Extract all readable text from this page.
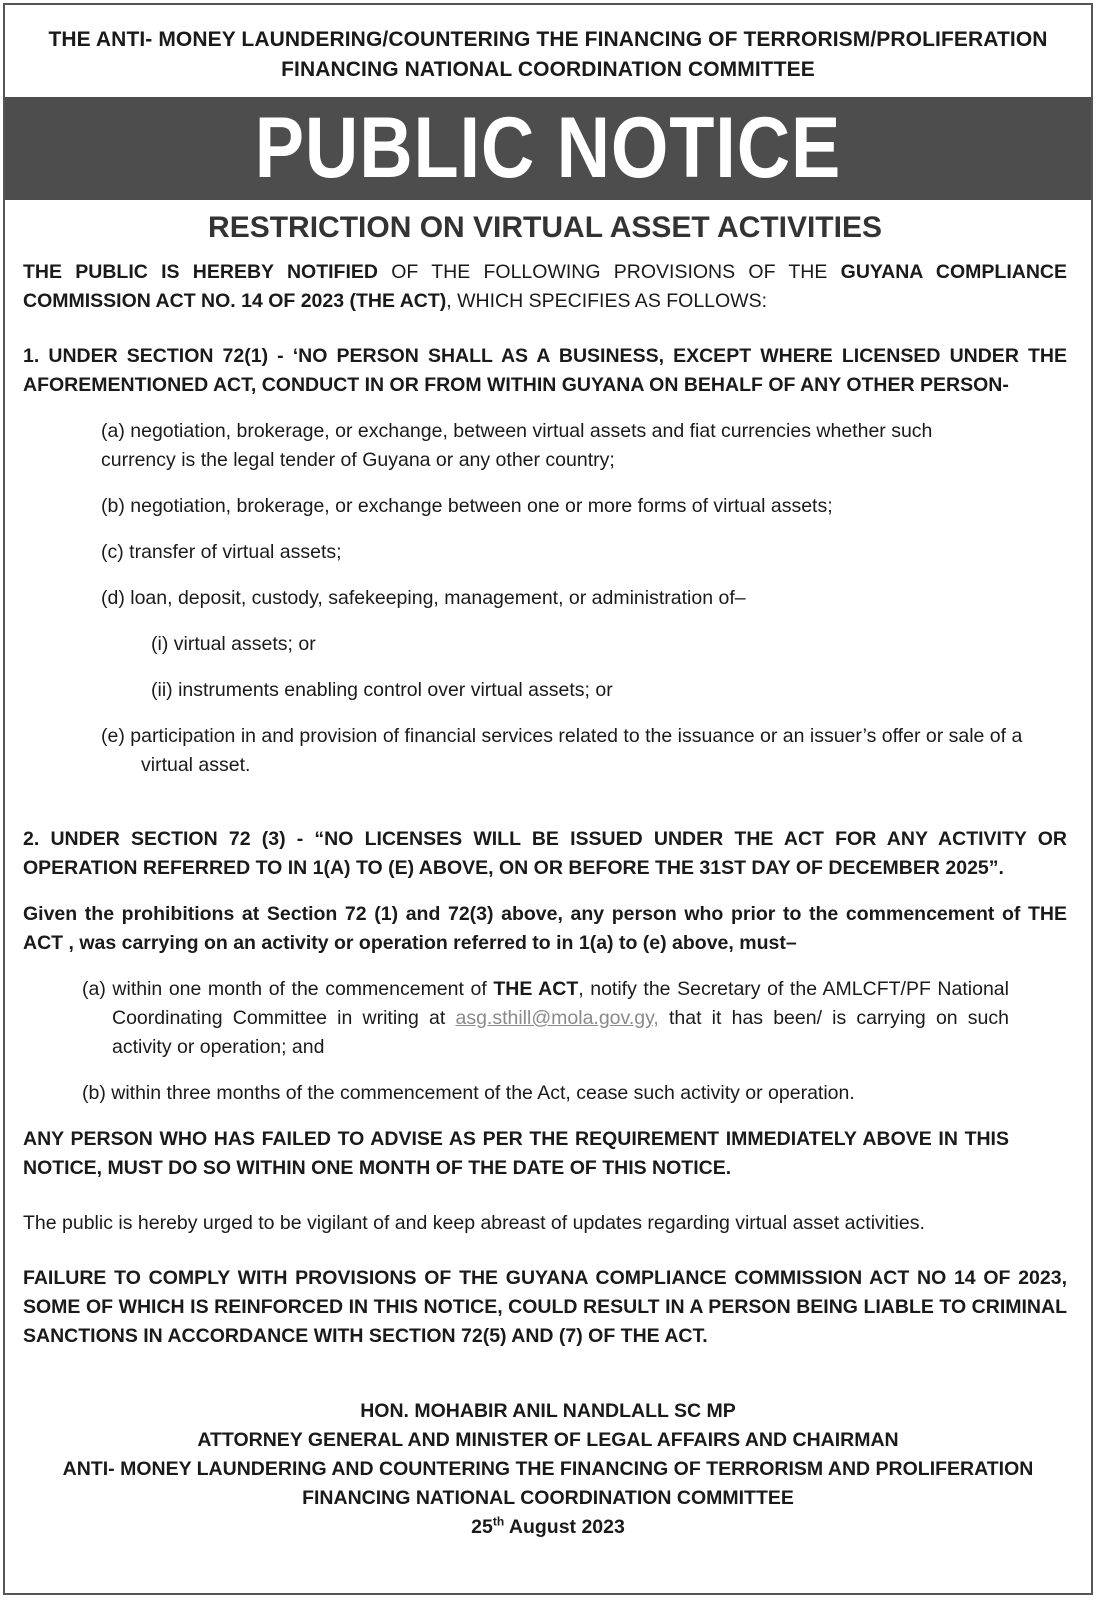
THE ANTI- MONEY LAUNDERING/COUNTERING THE FINANCING OF TERRORISM/PROLIFERATION
FINANCING NATIONAL COORDINATION COMMITTEE
PUBLIC NOTICE
RESTRICTION ON VIRTUAL ASSET ACTIVITIES

THE PUBLIC IS HEREBY NOTIFIED OF THE FOLLOWING PROVISIONS OF THE GUYANA COMPLIANCE COMMISSION ACT NO. 14 OF 2023 (THE ACT), WHICH SPECIFIES AS FOLLOWS:

1. UNDER SECTION 72(1) - ‘NO PERSON SHALL AS A BUSINESS, EXCEPT WHERE LICENSED UNDER THE AFOREMENTIONED ACT, CONDUCT IN OR FROM WITHIN GUYANA ON BEHALF OF ANY OTHER PERSON-

(a) negotiation, brokerage, or exchange, between virtual assets and fiat currencies whether such currency is the legal tender of Guyana or any other country;

(b) negotiation, brokerage, or exchange between one or more forms of virtual assets;

(c) transfer of virtual assets;

(d) loan, deposit, custody, safekeeping, management, or administration of–

(i) virtual assets; or

(ii) instruments enabling control over virtual assets; or

(e) participation in and provision of financial services related to the issuance or an issuer’s offer or sale of a virtual asset.

2. UNDER SECTION 72 (3) - “NO LICENSES WILL BE ISSUED UNDER THE ACT FOR ANY ACTIVITY OR OPERATION REFERRED TO IN 1(A) TO (E) ABOVE, ON OR BEFORE THE 31ST DAY OF DECEMBER 2025”.

Given the prohibitions at Section 72 (1) and 72(3) above, any person who prior to the commencement of THE ACT , was carrying on an activity or operation referred to in 1(a) to (e) above, must–

(a) within one month of the commencement of THE ACT, notify the Secretary of the AMLCFT/PF National Coordinating Committee in writing at asg.sthill@mola.gov.gy, that it has been/ is carrying on such activity or operation; and

(b) within three months of the commencement of the Act, cease such activity or operation.

ANY PERSON WHO HAS FAILED TO ADVISE AS PER THE REQUIREMENT IMMEDIATELY ABOVE IN THIS NOTICE, MUST DO SO WITHIN ONE MONTH OF THE DATE OF THIS NOTICE.

The public is hereby urged to be vigilant of and keep abreast of updates regarding virtual asset activities.

FAILURE TO COMPLY WITH PROVISIONS OF THE GUYANA COMPLIANCE COMMISSION ACT NO 14 OF 2023, SOME OF WHICH IS REINFORCED IN THIS NOTICE, COULD RESULT IN A PERSON BEING LIABLE TO CRIMINAL SANCTIONS IN ACCORDANCE WITH SECTION 72(5) AND (7) OF THE ACT.

HON. MOHABIR ANIL NANDLALL SC MP
ATTORNEY GENERAL AND MINISTER OF LEGAL AFFAIRS AND CHAIRMAN
ANTI- MONEY LAUNDERING AND COUNTERING THE FINANCING OF TERRORISM AND PROLIFERATION
FINANCING NATIONAL COORDINATION COMMITTEE
25th August 2023
